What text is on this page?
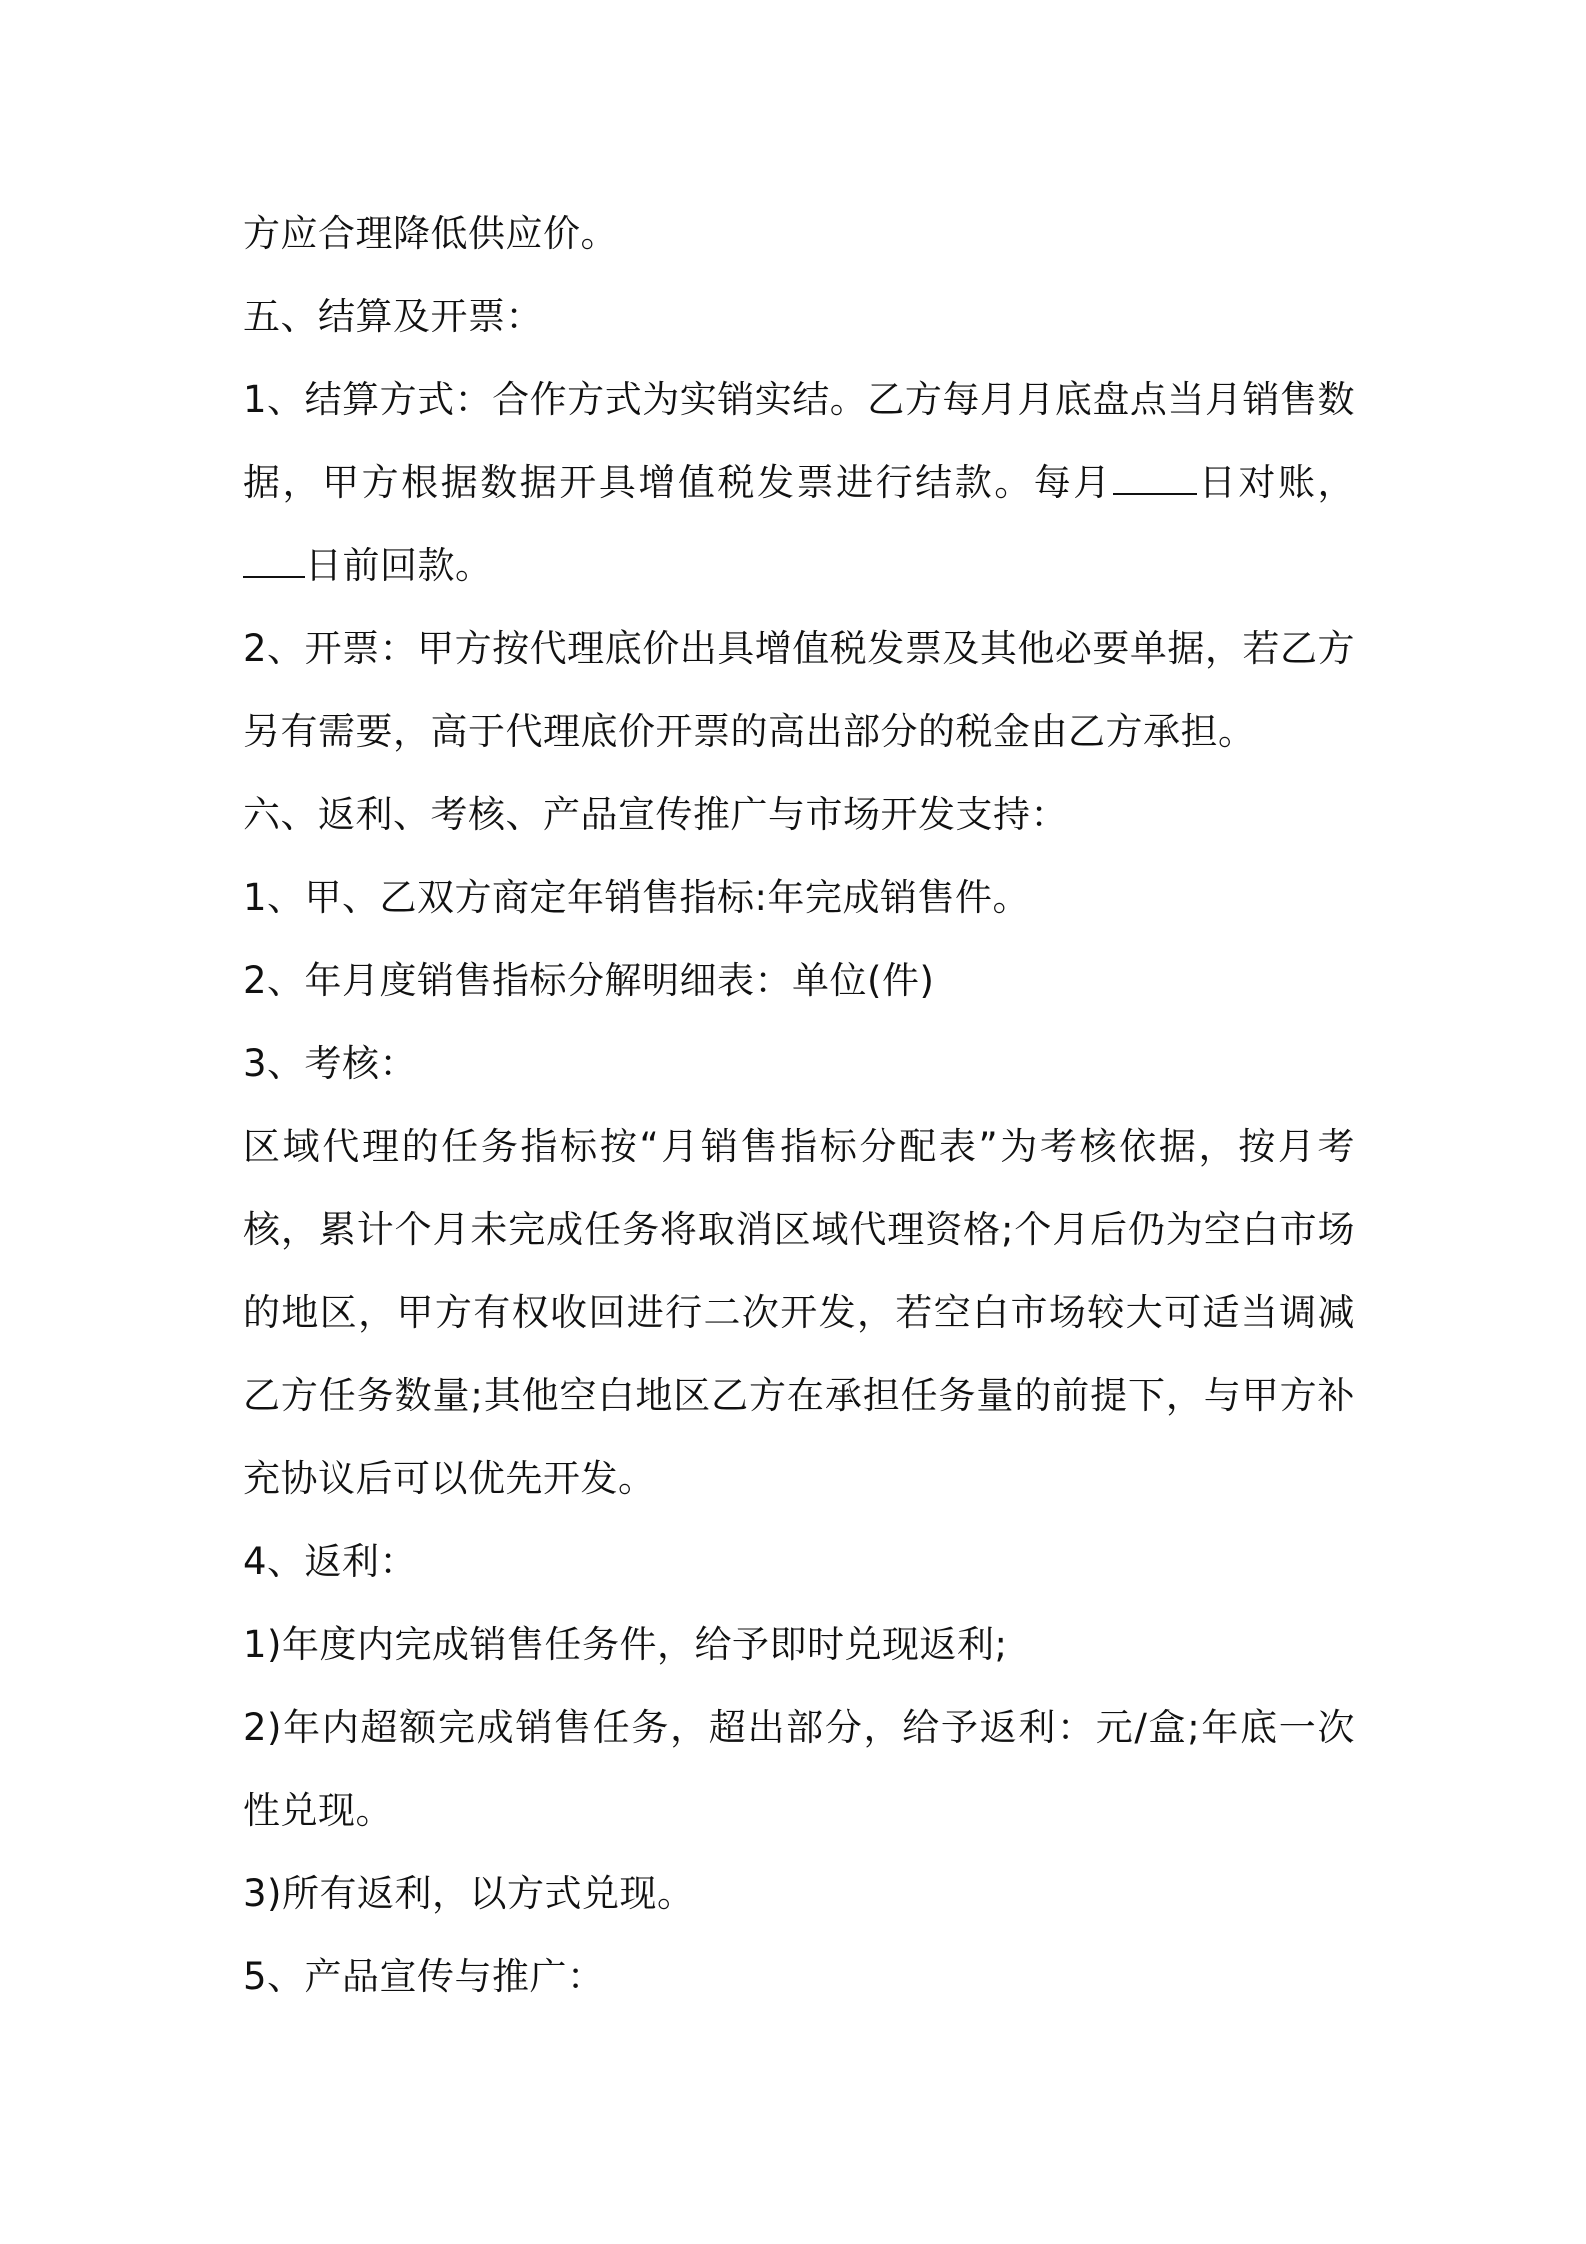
方应合理降低供应价。

五、结算及开票：

1、结算方式：合作方式为实销实结。乙方每月月底盘点当月销售数据，甲方根据数据开具增值税发票进行结款。每月 日对账，日前回款。

2、开票：甲方按代理底价出具增值税发票及其他必要单据，若乙方另有需要，高于代理底价开票的高出部分的税金由乙方承担。

六、返利、考核、产品宣传推广与市场开发支持：

1、甲、乙双方商定年销售指标:年完成销售件。

2、年月度销售指标分解明细表：单位(件)

3、考核：

区域代理的任务指标按“月销售指标分配表”为考核依据，按月考核，累计个月未完成任务将取消区域代理资格;个月后仍为空白市场的地区，甲方有权收回进行二次开发，若空白市场较大可适当调减乙方任务数量;其他空白地区乙方在承担任务量的前提下，与甲方补充协议后可以优先开发。

4、返利：

1)年度内完成销售任务件，给予即时兑现返利;

2)年内超额完成销售任务，超出部分，给予返利：元/盒;年底一次性兑现。

3)所有返利，以方式兑现。

5、产品宣传与推广：
